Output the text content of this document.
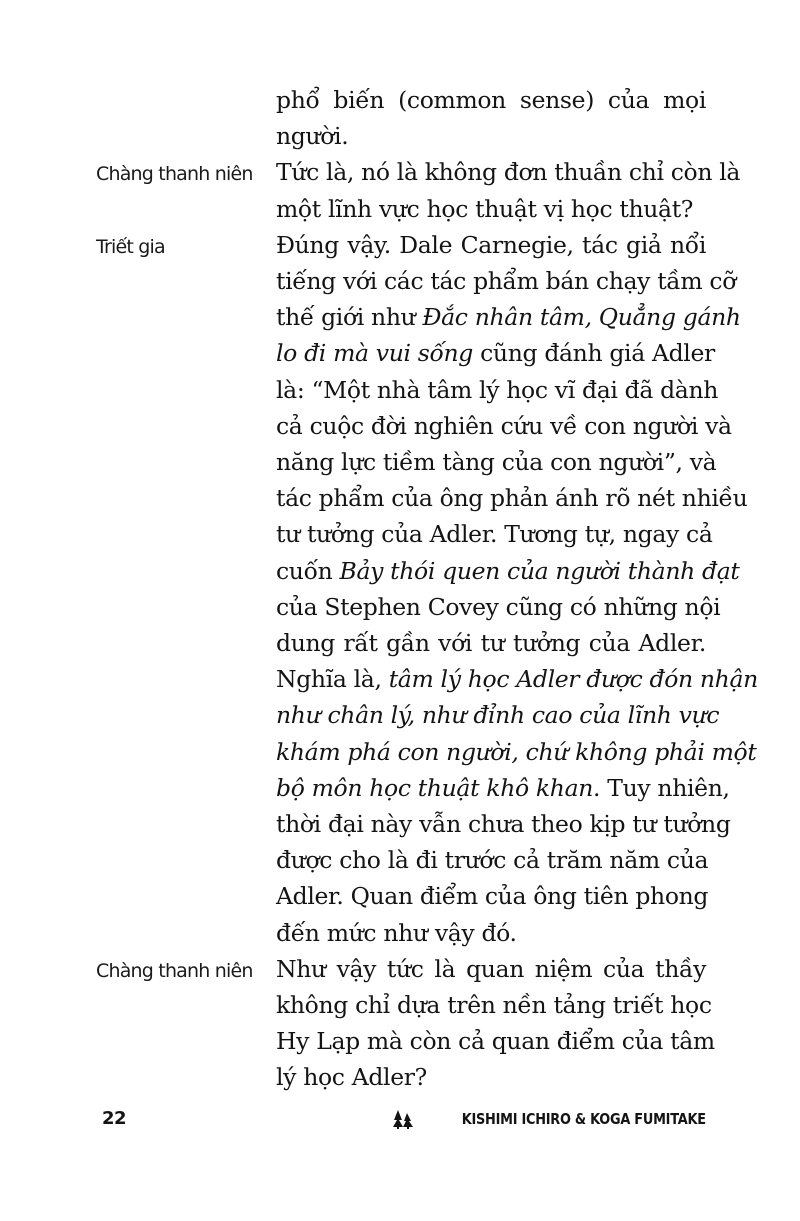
phổ biến (common sense) của mọi
người.

Chàng thanh niên Tức là, nó là không đơn thuần chỉ còn là
một lĩnh vực học thuật vị học thuật?

Triết gia	Đúng vậy. Dale Carnegie, tác giả nổi
tiếng với các tác phẩm bán chạy tầm cỡ
thế giới như Đắc nhân tâm, Quẳng gánh
lo đi mà vui sống cũng đánh giá Adler
là: “Một nhà tâm lý học vĩ đại đã dành
cả cuộc đời nghiên cứu về con người và
năng lực tiềm tàng của con người”, và
tác phẩm của ông phản ánh rõ nét nhiều
tư tưởng của Adler. Tương tự, ngay cả
cuốn Bảy thói quen của người thành đạt
của Stephen Covey cũng có những nội
dung rất gần với tư tưởng của Adler.
Nghĩa là, tâm lý học Adler được đón nhận
như chân lý, như đỉnh cao của lĩnh vực
khám phá con người, chứ không phải một
bộ môn học thuật khô khan. Tuy nhiên,
thời đại này vẫn chưa theo kịp tư tưởng
được cho là đi trước cả trăm năm của
Adler. Quan điểm của ông tiên phong
đến mức như vậy đó.

Chàng thanh niên Như vậy tức là quan niệm của thầy
không chỉ dựa trên nền tảng triết học
Hy Lạp mà còn cả quan điểm của tâm
lý học Adler?

22	KISHIMI ICHIRO & KOGA FUMITAKE
